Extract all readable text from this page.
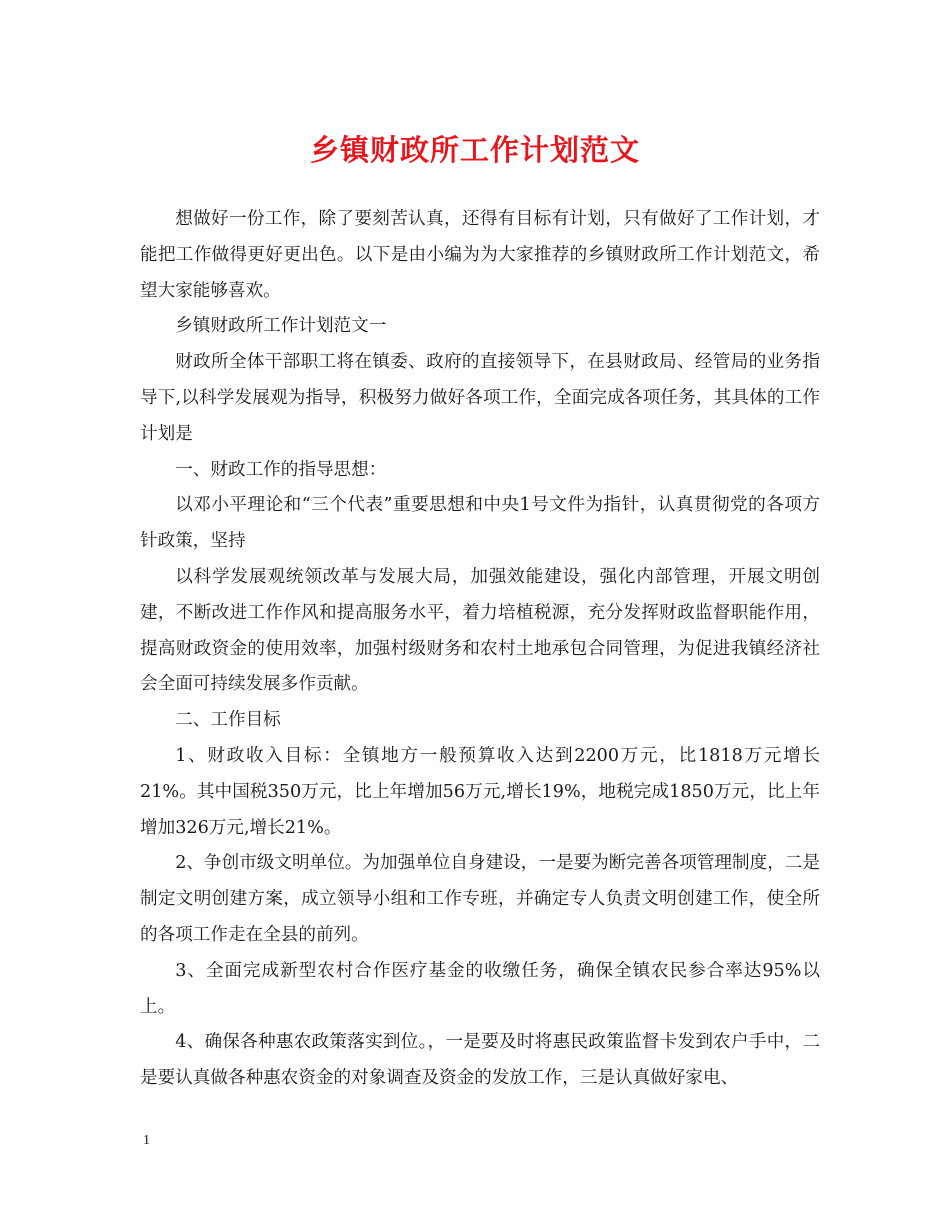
乡镇财政所工作计划范文

想做好一份工作，除了要刻苦认真，还得有目标有计划，只有做好了工作计划，才能把工作做得更好更出色。以下是由小编为为大家推荐的乡镇财政所工作计划范文，希望大家能够喜欢。

乡镇财政所工作计划范文一

财政所全体干部职工将在镇委、政府的直接领导下，在县财政局、经管局的业务指导下,以科学发展观为指导，积极努力做好各项工作，全面完成各项任务，其具体的工作计划是

一、财政工作的指导思想：

以邓小平理论和“三个代表”重要思想和中央1号文件为指针，认真贯彻党的各项方针政策，坚持

以科学发展观统领改革与发展大局，加强效能建设，强化内部管理，开展文明创建，不断改进工作作风和提高服务水平，着力培植税源，充分发挥财政监督职能作用，提高财政资金的使用效率，加强村级财务和农村土地承包合同管理，为促进我镇经济社会全面可持续发展多作贡献。

二、工作目标

1、财政收入目标：全镇地方一般预算收入达到2200万元，比1818万元增长21%。其中国税350万元，比上年增加56万元,增长19%，地税完成1850万元，比上年增加326万元,增长21%。

2、争创市级文明单位。为加强单位自身建设，一是要为断完善各项管理制度，二是制定文明创建方案，成立领导小组和工作专班，并确定专人负责文明创建工作，使全所的各项工作走在全县的前列。

3、全面完成新型农村合作医疗基金的收缴任务，确保全镇农民参合率达95%以上。

4、确保各种惠农政策落实到位。，一是要及时将惠民政策监督卡发到农户手中，二是要认真做各种惠农资金的对象调查及资金的发放工作，三是认真做好家电、

1
